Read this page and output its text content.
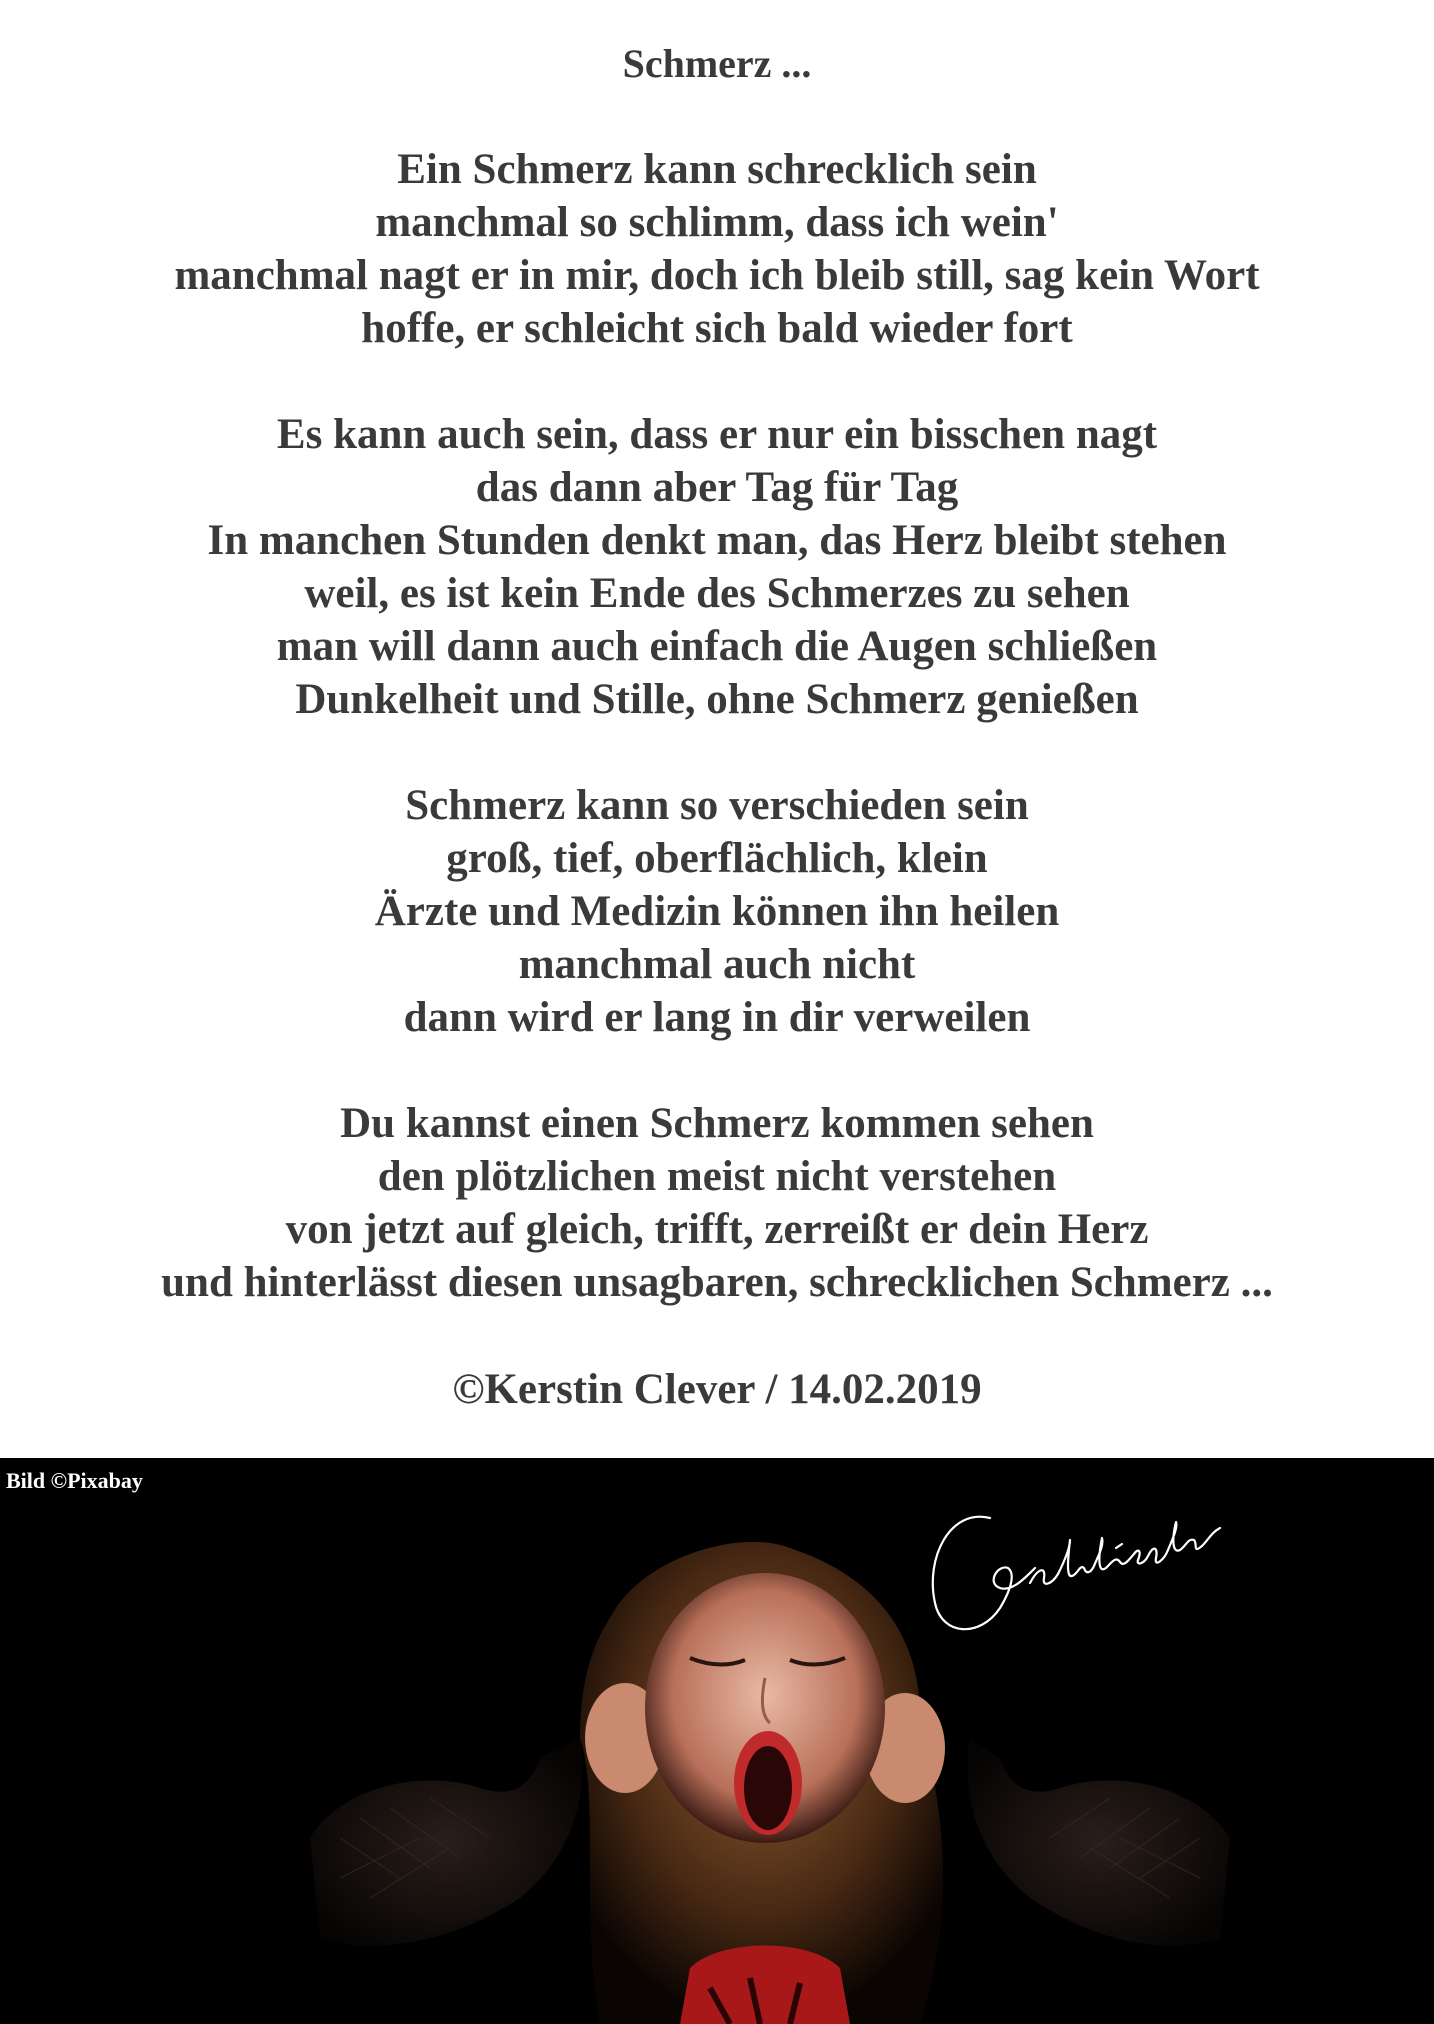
Schmerz ...
Ein Schmerz kann schrecklich sein
manchmal so schlimm, dass ich wein'
manchmal nagt er in mir, doch ich bleib still, sag kein Wort
hoffe, er schleicht sich bald wieder fort
Es kann auch sein, dass er nur ein bisschen nagt
das dann aber Tag für Tag
In manchen Stunden denkt man, das Herz bleibt stehen
weil, es ist kein Ende des Schmerzes zu sehen
man will dann auch einfach die Augen schließen
Dunkelheit und Stille, ohne Schmerz genießen
Schmerz kann so verschieden sein
groß, tief, oberflächlich, klein
Ärzte und Medizin können ihn heilen
manchmal auch nicht
dann wird er lang in dir verweilen
Du kannst einen Schmerz kommen sehen
den plötzlichen meist nicht verstehen
von jetzt auf gleich, trifft, zerreißt er dein Herz
und hinterlässt diesen unsagbaren, schrecklichen Schmerz ...
©Kerstin Clever / 14.02.2019
Bild ©Pixabay
